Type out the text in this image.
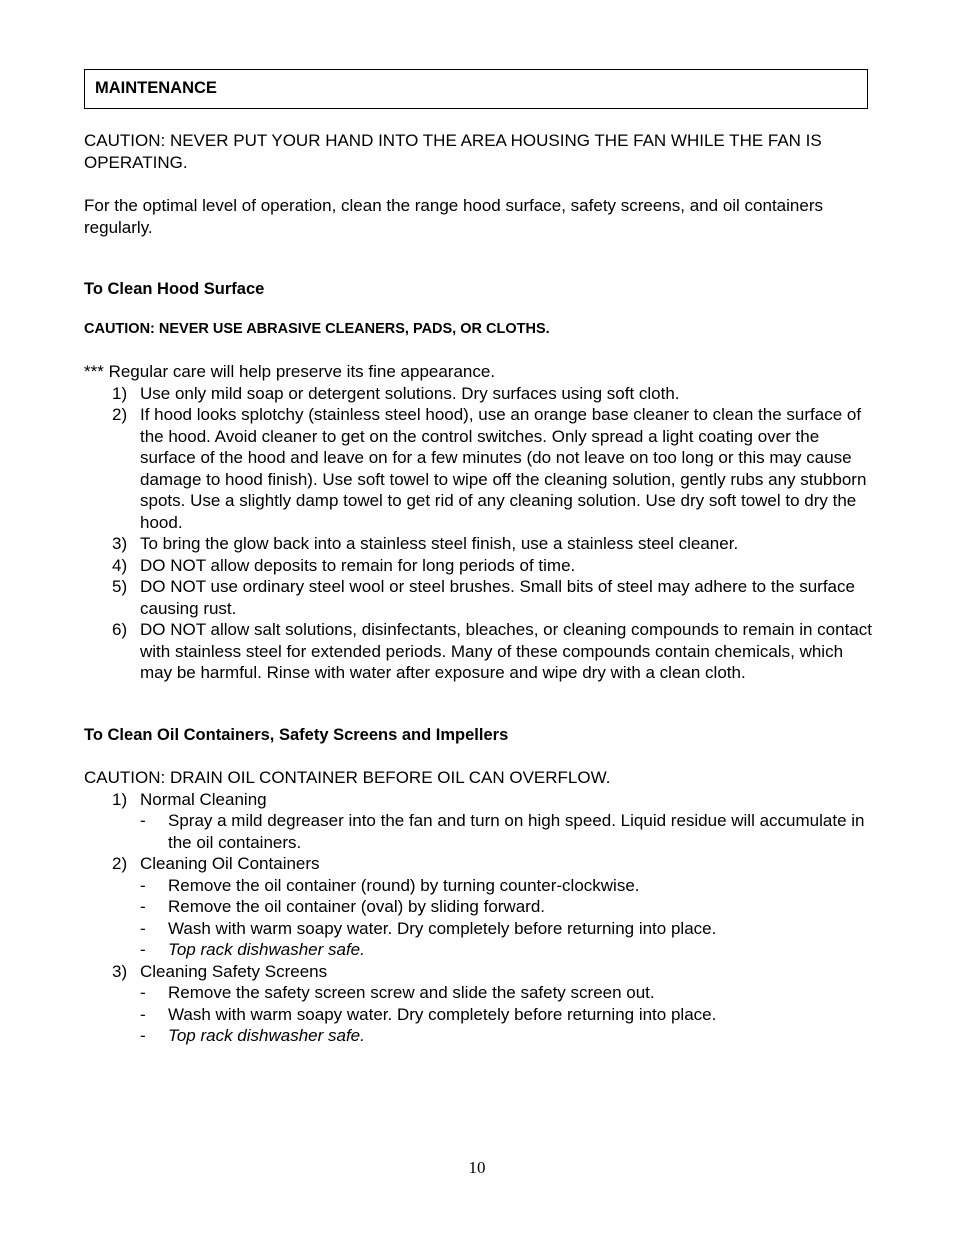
MAINTENANCE

CAUTION: NEVER PUT YOUR HAND INTO THE AREA HOUSING THE FAN WHILE THE FAN IS OPERATING.

For the optimal level of operation, clean the range hood surface, safety screens, and oil containers regularly.

To Clean Hood Surface

CAUTION: NEVER USE ABRASIVE CLEANERS, PADS, OR CLOTHS.

*** Regular care will help preserve its fine appearance.

1) Use only mild soap or detergent solutions. Dry surfaces using soft cloth.
2) If hood looks splotchy (stainless steel hood), use an orange base cleaner to clean the surface of the hood. Avoid cleaner to get on the control switches. Only spread a light coating over the surface of the hood and leave on for a few minutes (do not leave on too long or this may cause damage to hood finish). Use soft towel to wipe off the cleaning solution, gently rubs any stubborn spots. Use a slightly damp towel to get rid of any cleaning solution. Use dry soft towel to dry the hood.
3) To bring the glow back into a stainless steel finish, use a stainless steel cleaner.
4) DO NOT allow deposits to remain for long periods of time.
5) DO NOT use ordinary steel wool or steel brushes. Small bits of steel may adhere to the surface causing rust.
6) DO NOT allow salt solutions, disinfectants, bleaches, or cleaning compounds to remain in contact with stainless steel for extended periods. Many of these compounds contain chemicals, which may be harmful. Rinse with water after exposure and wipe dry with a clean cloth.

To Clean Oil Containers, Safety Screens and Impellers

CAUTION: DRAIN OIL CONTAINER BEFORE OIL CAN OVERFLOW.

1) Normal Cleaning
-	Spray a mild degreaser into the fan and turn on high speed. Liquid residue will accumulate in the oil containers.
2) Cleaning Oil Containers
-	Remove the oil container (round) by turning counter-clockwise.
-	Remove the oil container (oval) by sliding forward.
-	Wash with warm soapy water. Dry completely before returning into place.
-	Top rack dishwasher safe.
3) Cleaning Safety Screens
-	Remove the safety screen screw and slide the safety screen out.
-	Wash with warm soapy water. Dry completely before returning into place.
-	Top rack dishwasher safe.
10
